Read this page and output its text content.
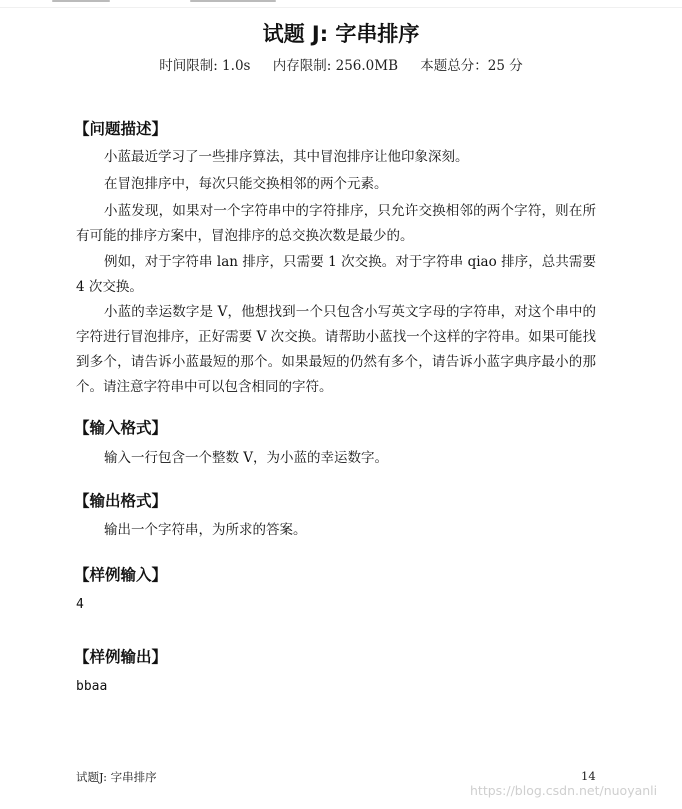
试题 J: 字串排序
时间限制: 1.0s 内存限制: 256.0MB 本题总分：25 分
【问题描述】
小蓝最近学习了一些排序算法，其中冒泡排序让他印象深刻。
在冒泡排序中，每次只能交换相邻的两个元素。
小蓝发现，如果对一个字符串中的字符排序，只允许交换相邻的两个字符，则在所有可能的排序方案中，冒泡排序的总交换次数是最少的。
例如，对于字符串 lan 排序，只需要 1 次交换。对于字符串 qiao 排序，总共需要 4 次交换。
小蓝的幸运数字是 V，他想找到一个只包含小写英文字母的字符串，对这个串中的字符进行冒泡排序，正好需要 V 次交换。请帮助小蓝找一个这样的字符串。如果可能找到多个，请告诉小蓝最短的那个。如果最短的仍然有多个，请告诉小蓝字典序最小的那个。请注意字符串中可以包含相同的字符。
【输入格式】
输入一行包含一个整数 V，为小蓝的幸运数字。
【输出格式】
输出一个字符串，为所求的答案。
【样例输入】
4
【样例输出】
bbaa
试题J: 字串排序	14
https://blog.csdn.net/nuoyanli
